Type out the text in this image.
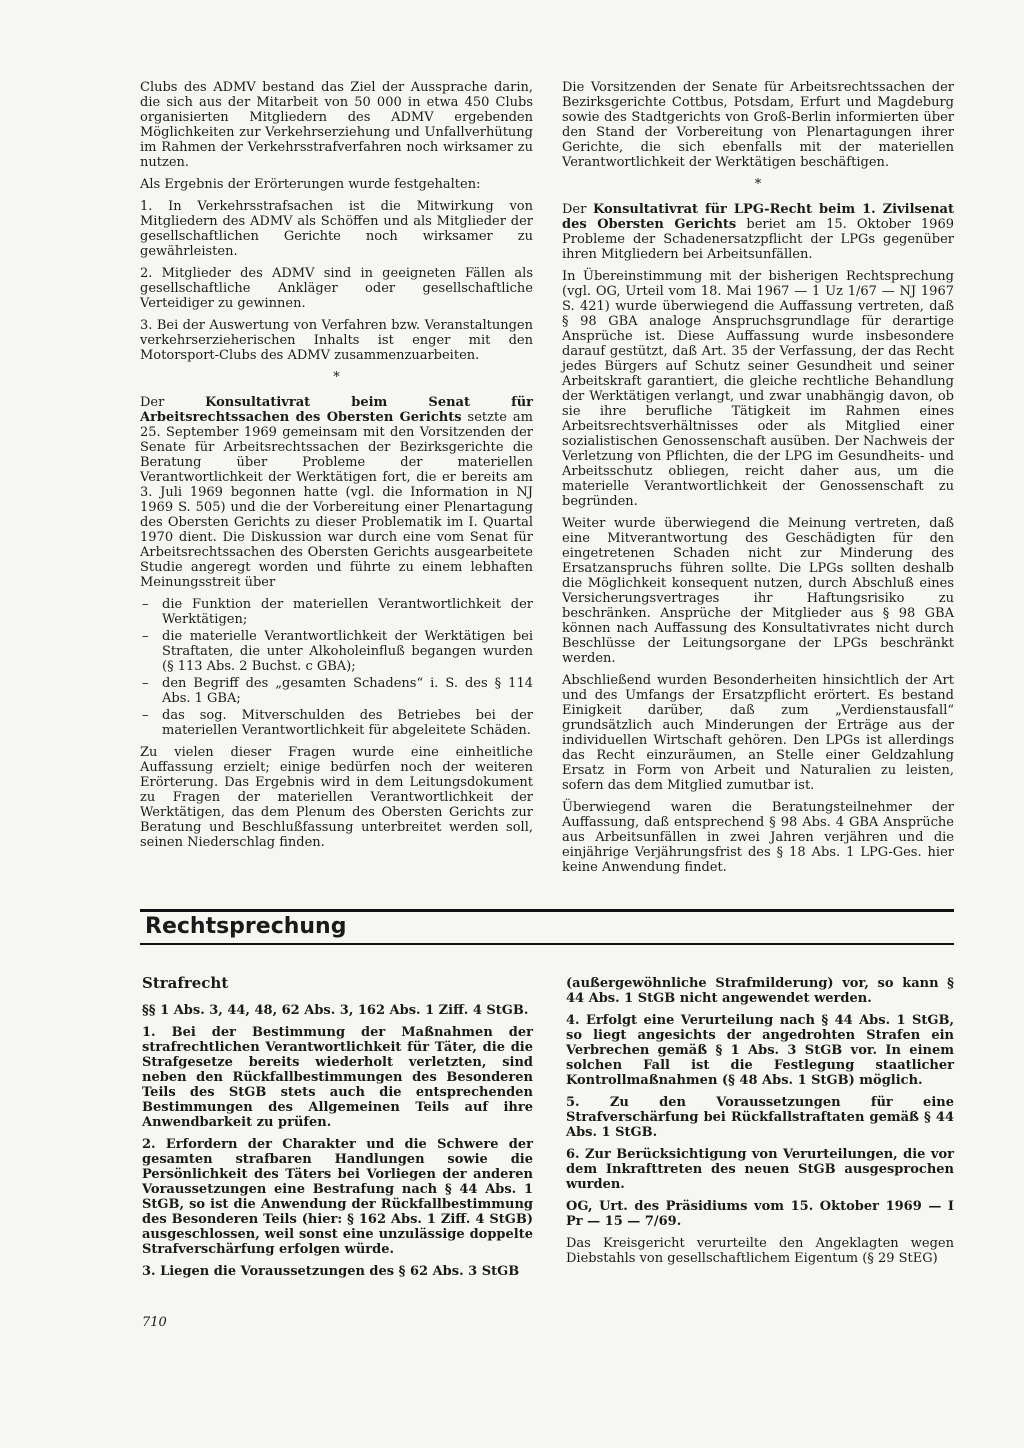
Clubs des ADMV bestand das Ziel der Aussprache darin, die sich aus der Mitarbeit von 50 000 in etwa 450 Clubs organisierten Mitgliedern des ADMV ergebenden Möglichkeiten zur Verkehrserziehung und Unfallverhütung im Rahmen der Verkehrsstrafverfahren noch wirksamer zu nutzen.

Als Ergebnis der Erörterungen wurde festgehalten:

1. In Verkehrsstrafsachen ist die Mitwirkung von Mitgliedern des ADMV als Schöffen und als Mitglieder der gesellschaftlichen Gerichte noch wirksamer zu gewährleisten.

2. Mitglieder des ADMV sind in geeigneten Fällen als gesellschaftliche Ankläger oder gesellschaftliche Verteidiger zu gewinnen.

3. Bei der Auswertung von Verfahren bzw. Veranstaltungen verkehrserzieherischen Inhalts ist enger mit den Motorsport-Clubs des ADMV zusammenzuarbeiten.

*

Der Konsultativrat beim Senat für Arbeitsrechtssachen des Obersten Gerichts setzte am 25. September 1969 gemeinsam mit den Vorsitzenden der Senate für Arbeitsrechtssachen der Bezirksgerichte die Beratung über Probleme der materiellen Verantwortlichkeit der Werktätigen fort, die er bereits am 3. Juli 1969 begonnen hatte (vgl. die Information in NJ 1969 S. 505) und die der Vorbereitung einer Plenartagung des Obersten Gerichts zu dieser Problematik im I. Quartal 1970 dient. Die Diskussion war durch eine vom Senat für Arbeitsrechtssachen des Obersten Gerichts ausgearbeitete Studie angeregt worden und führte zu einem lebhaften Meinungsstreit über

– die Funktion der materiellen Verantwortlichkeit der Werktätigen;
– die materielle Verantwortlichkeit der Werktätigen bei Straftaten, die unter Alkoholeinfluß begangen wurden (§ 113 Abs. 2 Buchst. c GBA);
– den Begriff des „gesamten Schadens“ i. S. des § 114 Abs. 1 GBA;
– das sog. Mitverschulden des Betriebes bei der materiellen Verantwortlichkeit für abgeleitete Schäden.

Zu vielen dieser Fragen wurde eine einheitliche Auffassung erzielt; einige bedürfen noch der weiteren Erörterung. Das Ergebnis wird in dem Leitungsdokument zu Fragen der materiellen Verantwortlichkeit der Werktätigen, das dem Plenum des Obersten Gerichts zur Beratung und Beschlußfassung unterbreitet werden soll, seinen Niederschlag finden.

Die Vorsitzenden der Senate für Arbeitsrechtssachen der Bezirksgerichte Cottbus, Potsdam, Erfurt und Magdeburg sowie des Stadtgerichts von Groß-Berlin informierten über den Stand der Vorbereitung von Plenartagungen ihrer Gerichte, die sich ebenfalls mit der materiellen Verantwortlichkeit der Werktätigen beschäftigen.

*

Der Konsultativrat für LPG-Recht beim 1. Zivilsenat des Obersten Gerichts beriet am 15. Oktober 1969 Probleme der Schadenersatzpflicht der LPGs gegenüber ihren Mitgliedern bei Arbeitsunfällen.

In Übereinstimmung mit der bisherigen Rechtsprechung (vgl. OG, Urteil vom 18. Mai 1967 — 1 Uz 1/67 — NJ 1967 S. 421) wurde überwiegend die Auffassung vertreten, daß § 98 GBA analoge Anspruchsgrundlage für derartige Ansprüche ist. Diese Auffassung wurde insbesondere darauf gestützt, daß Art. 35 der Verfassung, der das Recht jedes Bürgers auf Schutz seiner Gesundheit und seiner Arbeitskraft garantiert, die gleiche rechtliche Behandlung der Werktätigen verlangt, und zwar unabhängig davon, ob sie ihre berufliche Tätigkeit im Rahmen eines Arbeitsrechtsverhältnisses oder als Mitglied einer sozialistischen Genossenschaft ausüben. Der Nachweis der Verletzung von Pflichten, die der LPG im Gesundheits- und Arbeitsschutz obliegen, reicht daher aus, um die materielle Verantwortlichkeit der Genossenschaft zu begründen.

Weiter wurde überwiegend die Meinung vertreten, daß eine Mitverantwortung des Geschädigten für den eingetretenen Schaden nicht zur Minderung des Ersatzanspruchs führen sollte. Die LPGs sollten deshalb die Möglichkeit konsequent nutzen, durch Abschluß eines Versicherungsvertrages ihr Haftungsrisiko zu beschränken. Ansprüche der Mitglieder aus § 98 GBA können nach Auffassung des Konsultativrates nicht durch Beschlüsse der Leitungsorgane der LPGs beschränkt werden.

Abschließend wurden Besonderheiten hinsichtlich der Art und des Umfangs der Ersatzpflicht erörtert. Es bestand Einigkeit darüber, daß zum „Verdienstausfall“ grundsätzlich auch Minderungen der Erträge aus der individuellen Wirtschaft gehören. Den LPGs ist allerdings das Recht einzuräumen, an Stelle einer Geldzahlung Ersatz in Form von Arbeit und Naturalien zu leisten, sofern das dem Mitglied zumutbar ist.

Überwiegend waren die Beratungsteilnehmer der Auffassung, daß entsprechend § 98 Abs. 4 GBA Ansprüche aus Arbeitsunfällen in zwei Jahren verjähren und die einjährige Verjährungsfrist des § 18 Abs. 1 LPG-Ges. hier keine Anwendung findet.

Rechtsprechung
Strafrecht

§§ 1 Abs. 3, 44, 48, 62 Abs. 3, 162 Abs. 1 Ziff. 4 StGB.

1. Bei der Bestimmung der Maßnahmen der strafrechtlichen Verantwortlichkeit für Täter, die die Strafgesetze bereits wiederholt verletzten, sind neben den Rückfallbestimmungen des Besonderen Teils des StGB stets auch die entsprechenden Bestimmungen des Allgemeinen Teils auf ihre Anwendbarkeit zu prüfen.

2. Erfordern der Charakter und die Schwere der gesamten strafbaren Handlungen sowie die Persönlichkeit des Täters bei Vorliegen der anderen Voraussetzungen eine Bestrafung nach § 44 Abs. 1 StGB, so ist die Anwendung der Rückfallbestimmung des Besonderen Teils (hier: § 162 Abs. 1 Ziff. 4 StGB) ausgeschlossen, weil sonst eine unzulässige doppelte Strafverschärfung erfolgen würde.

3. Liegen die Voraussetzungen des § 62 Abs. 3 StGB

(außergewöhnliche Strafmilderung) vor, so kann § 44 Abs. 1 StGB nicht angewendet werden.

4. Erfolgt eine Verurteilung nach § 44 Abs. 1 StGB, so liegt angesichts der angedrohten Strafen ein Verbrechen gemäß § 1 Abs. 3 StGB vor. In einem solchen Fall ist die Festlegung staatlicher Kontrollmaßnahmen (§ 48 Abs. 1 StGB) möglich.

5. Zu den Voraussetzungen für eine Strafverschärfung bei Rückfallstraftaten gemäß § 44 Abs. 1 StGB.

6. Zur Berücksichtigung von Verurteilungen, die vor dem Inkrafttreten des neuen StGB ausgesprochen wurden.

OG, Urt. des Präsidiums vom 15. Oktober 1969 — I Pr — 15 — 7/69.

Das Kreisgericht verurteilte den Angeklagten wegen Diebstahls von gesellschaftlichem Eigentum (§ 29 StEG)

710
